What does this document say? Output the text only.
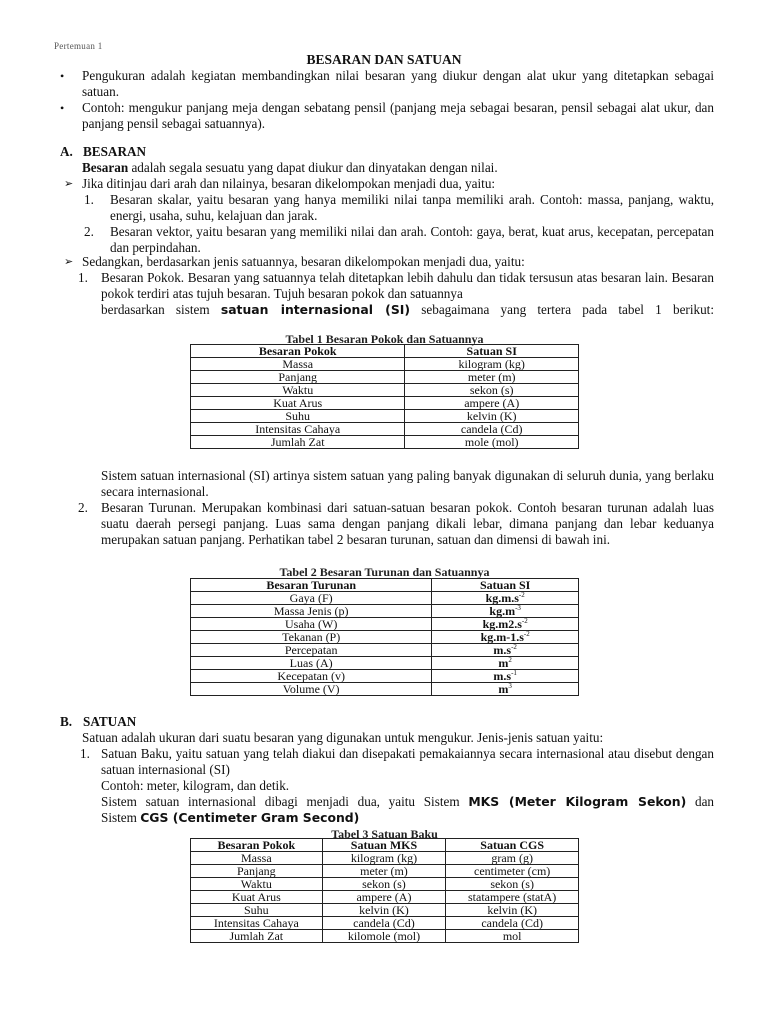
Pertemuan 1
BESARAN DAN SATUAN
• Pengukuran adalah kegiatan membandingkan nilai besaran yang diukur dengan alat ukur yang ditetapkan sebagai satuan.
• Contoh: mengukur panjang meja dengan sebatang pensil (panjang meja sebagai besaran, pensil sebagai alat ukur, dan panjang pensil sebagai satuannya).
A. BESARAN
Besaran adalah segala sesuatu yang dapat diukur dan dinyatakan dengan nilai.
➢ Jika ditinjau dari arah dan nilainya, besaran dikelompokan menjadi dua, yaitu:
1. Besaran skalar, yaitu besaran yang hanya memiliki nilai tanpa memiliki arah. Contoh: massa, panjang, waktu, energi, usaha, suhu, kelajuan dan jarak.
2. Besaran vektor, yaitu besaran yang memiliki nilai dan arah. Contoh: gaya, berat, kuat arus, kecepatan, percepatan dan perpindahan.
➢ Sedangkan, berdasarkan jenis satuannya, besaran dikelompokan menjadi dua, yaitu:
1. Besaran Pokok. Besaran yang satuannya telah ditetapkan lebih dahulu dan tidak tersusun atas besaran lain. Besaran pokok terdiri atas tujuh besaran. Tujuh besaran pokok dan satuannya
berdasarkan sistem satuan internasional (SI) sebagaimana yang tertera pada tabel 1 berikut:
Tabel 1 Besaran Pokok dan Satuannya
Besaran Pokok	Satuan SI
Massa	kilogram (kg)
Panjang	meter (m)
Waktu	sekon (s)
Kuat Arus	ampere (A)
Suhu	kelvin (K)
Intensitas Cahaya	candela (Cd)
Jumlah Zat	mole (mol)
Sistem satuan internasional (SI) artinya sistem satuan yang paling banyak digunakan di seluruh dunia, yang berlaku secara internasional.
2. Besaran Turunan. Merupakan kombinasi dari satuan-satuan besaran pokok. Contoh besaran turunan adalah luas suatu daerah persegi panjang. Luas sama dengan panjang dikali lebar, dimana panjang dan lebar keduanya merupakan satuan panjang. Perhatikan tabel 2 besaran turunan, satuan dan dimensi di bawah ini.
Tabel 2 Besaran Turunan dan Satuannya
Besaran Turunan	Satuan SI
Gaya (F)	$kg.m.s^{-2}$
Massa Jenis (p)	$kg.m^{-3}$
Usaha (W)	$kg.m2.s^{-2}$
Tekanan (P)	$kg.m-1.s^{-2}$
Percepatan	$m.s^{-2}$
Luas (A)	$m^2$
Kecepatan (v)	$m.s^{-1}$
Volume (V)	$m^3$
B. SATUAN
Satuan adalah ukuran dari suatu besaran yang digunakan untuk mengukur. Jenis-jenis satuan yaitu:
1. Satuan Baku, yaitu satuan yang telah diakui dan disepakati pemakaiannya secara internasional atau disebut dengan satuan internasional (SI)
Contoh: meter, kilogram, dan detik.
Sistem satuan internasional dibagi menjadi dua, yaitu Sistem MKS (Meter Kilogram Sekon) dan
Sistem CGS (Centimeter Gram Second)
Tabel 3 Satuan Baku
Besaran Pokok	Satuan MKS	Satuan CGS
Massa	kilogram (kg)	gram (g)
Panjang	meter (m)	centimeter (cm)
Waktu	sekon (s)	sekon (s)
Kuat Arus	ampere (A)	statampere (statA)
Suhu	kelvin (K)	kelvin (K)
Intensitas Cahaya	candela (Cd)	candela (Cd)
Jumlah Zat	kilomole (mol)	mol
